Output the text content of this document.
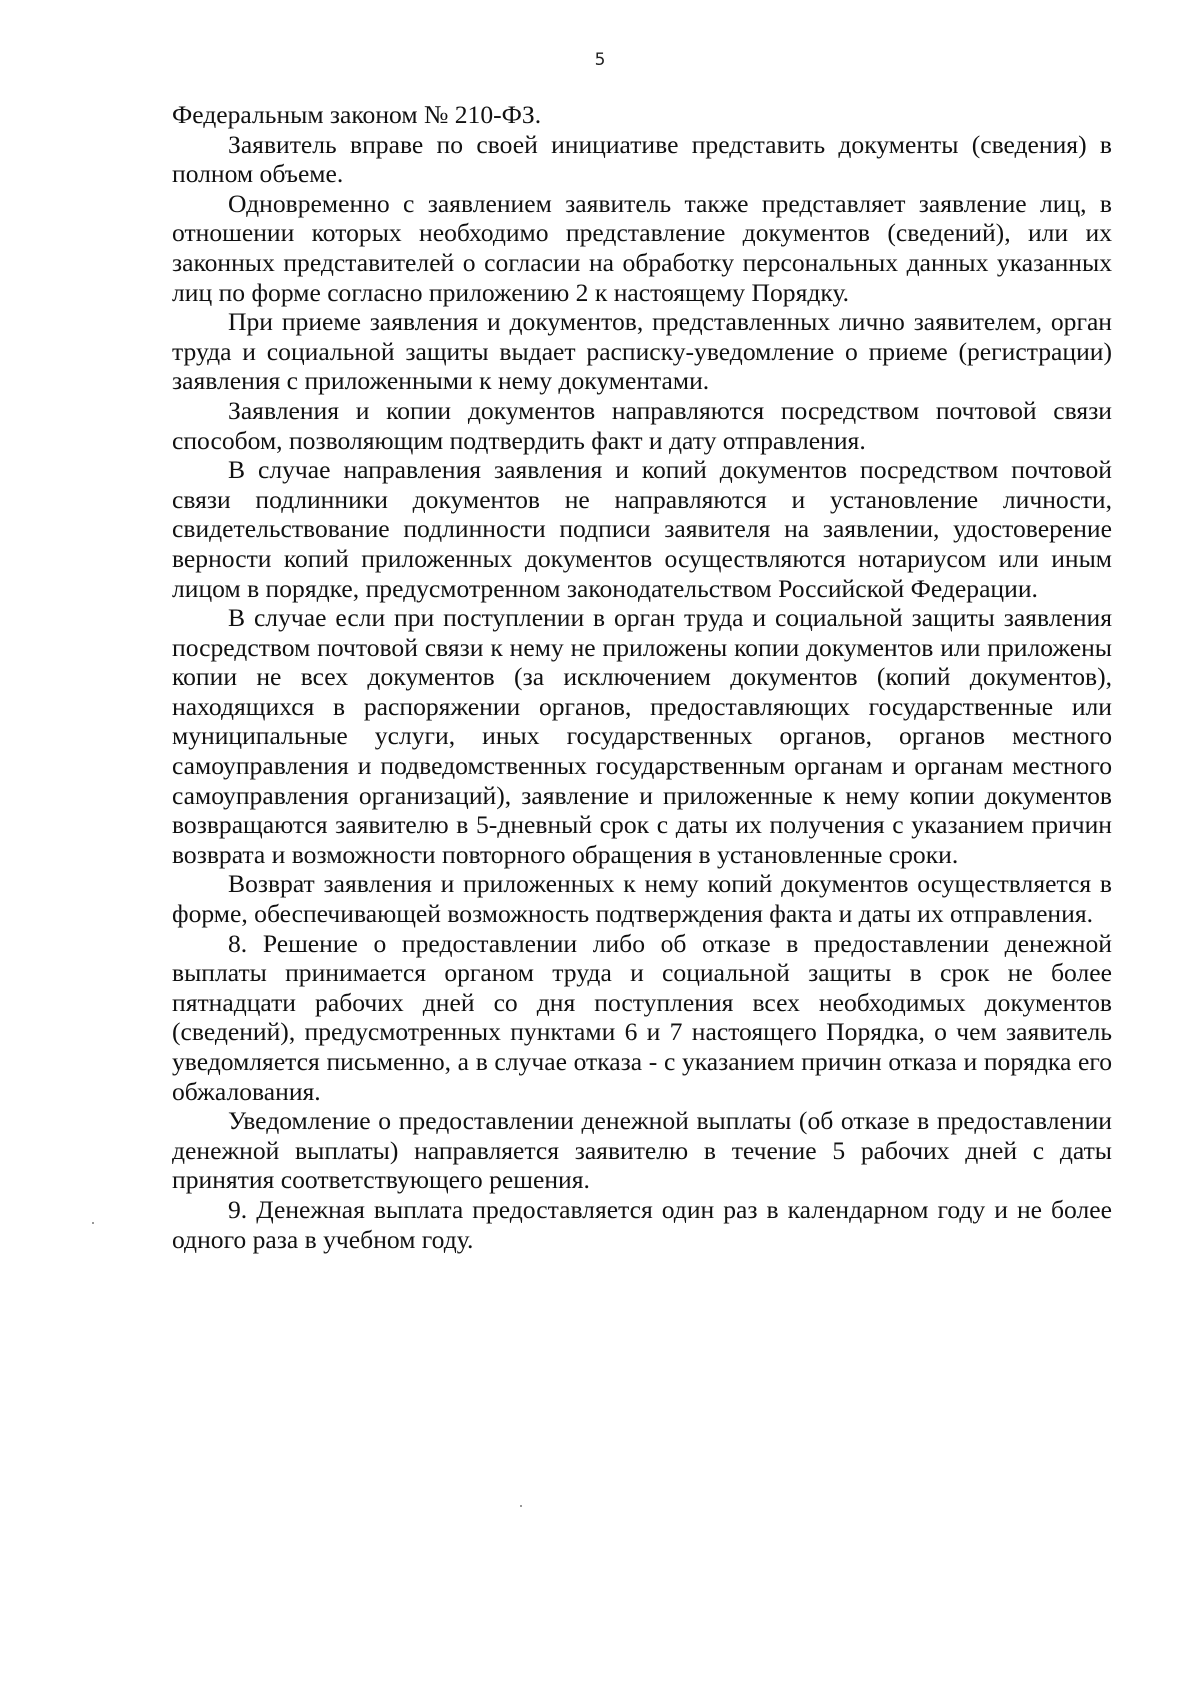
5

Федеральным законом № 210-ФЗ.

Заявитель вправе по своей инициативе представить документы (сведения) в полном объеме.

Одновременно с заявлением заявитель также представляет заявление лиц, в отношении которых необходимо представление документов (сведений), или их законных представителей о согласии на обработку персональных данных указанных лиц по форме согласно приложению 2 к настоящему Порядку.

При приеме заявления и документов, представленных лично заявителем, орган труда и социальной защиты выдает расписку-уведомление о приеме (регистрации) заявления с приложенными к нему документами.

Заявления и копии документов направляются посредством почтовой связи способом, позволяющим подтвердить факт и дату отправления.

В случае направления заявления и копий документов посредством почтовой связи подлинники документов не направляются и установление личности, свидетельствование подлинности подписи заявителя на заявлении, удостоверение верности копий приложенных документов осуществляются нотариусом или иным лицом в порядке, предусмотренном законодательством Российской Федерации.

В случае если при поступлении в орган труда и социальной защиты заявления посредством почтовой связи к нему не приложены копии документов или приложены копии не всех документов (за исключением документов (копий документов), находящихся в распоряжении органов, предоставляющих государственные или муниципальные услуги, иных государственных органов, органов местного самоуправления и подведомственных государственным органам и органам местного самоуправления организаций), заявление и приложенные к нему копии документов возвращаются заявителю в 5-дневный срок с даты их получения с указанием причин возврата и возможности повторного обращения в установленные сроки.

Возврат заявления и приложенных к нему копий документов осуществляется в форме, обеспечивающей возможность подтверждения факта и даты их отправления.

8. Решение о предоставлении либо об отказе в предоставлении денежной выплаты принимается органом труда и социальной защиты в срок не более пятнадцати рабочих дней со дня поступления всех необходимых документов (сведений), предусмотренных пунктами 6 и 7 настоящего Порядка, о чем заявитель уведомляется письменно, а в случае отказа - с указанием причин отказа и порядка его обжалования.

Уведомление о предоставлении денежной выплаты (об отказе в предоставлении денежной выплаты) направляется заявителю в течение 5 рабочих дней с даты принятия соответствующего решения.

9. Денежная выплата предоставляется один раз в календарном году и не более одного раза в учебном году.
